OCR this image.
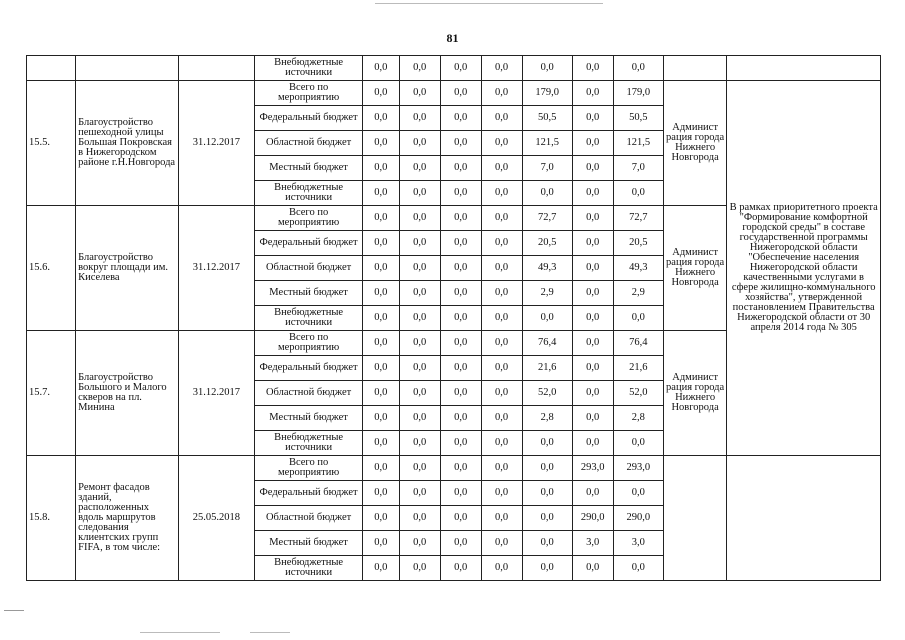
81
			Внебюджетные источники	0,0	0,0	0,0	0,0	0,0	0,0	0,0		
15.5.	Благоустройство пешеходной улицы Большая Покровская в Нижегородском районе г.Н.Новгорода	31.12.2017	Всего по мероприятию	0,0	0,0	0,0	0,0	179,0	0,0	179,0	Админист рация города Нижнего Новгорода	В рамках приоритетного проекта "Формирование комфортной городской среды" в составе государственной программы Нижегородской области "Обеспечение населения Нижегородской области качественными услугами в сфере жилищно-коммунального хозяйства", утвержденной постановлением Правительства Нижегородской области от 30 апреля 2014 года № 305
			Федеральный бюджет	0,0	0,0	0,0	0,0	50,5	0,0	50,5		
			Областной бюджет	0,0	0,0	0,0	0,0	121,5	0,0	121,5		
			Местный бюджет	0,0	0,0	0,0	0,0	7,0	0,0	7,0		
			Внебюджетные источники	0,0	0,0	0,0	0,0	0,0	0,0	0,0		
15.6.	Благоустройство вокруг площади им. Киселева	31.12.2017	Всего по мероприятию	0,0	0,0	0,0	0,0	72,7	0,0	72,7	Админист рация города Нижнего Новгорода	
			Федеральный бюджет	0,0	0,0	0,0	0,0	20,5	0,0	20,5		
			Областной бюджет	0,0	0,0	0,0	0,0	49,3	0,0	49,3		
			Местный бюджет	0,0	0,0	0,0	0,0	2,9	0,0	2,9		
			Внебюджетные источники	0,0	0,0	0,0	0,0	0,0	0,0	0,0		
15.7.	Благоустройство Большого и Малого скверов на пл. Минина	31.12.2017	Всего по мероприятию	0,0	0,0	0,0	0,0	76,4	0,0	76,4	Админист рация города Нижнего Новгорода	
			Федеральный бюджет	0,0	0,0	0,0	0,0	21,6	0,0	21,6		
			Областной бюджет	0,0	0,0	0,0	0,0	52,0	0,0	52,0		
			Местный бюджет	0,0	0,0	0,0	0,0	2,8	0,0	2,8		
			Внебюджетные источники	0,0	0,0	0,0	0,0	0,0	0,0	0,0		
15.8.	Ремонт фасадов зданий, расположенных вдоль маршрутов следования клиентских групп FIFA, в том числе:	25.05.2018	Всего по мероприятию	0,0	0,0	0,0	0,0	0,0	293,0	293,0		
			Федеральный бюджет	0,0	0,0	0,0	0,0	0,0	0,0	0,0		
			Областной бюджет	0,0	0,0	0,0	0,0	0,0	290,0	290,0		
			Местный бюджет	0,0	0,0	0,0	0,0	0,0	3,0	3,0		
			Внебюджетные источники	0,0	0,0	0,0	0,0	0,0	0,0	0,0		
